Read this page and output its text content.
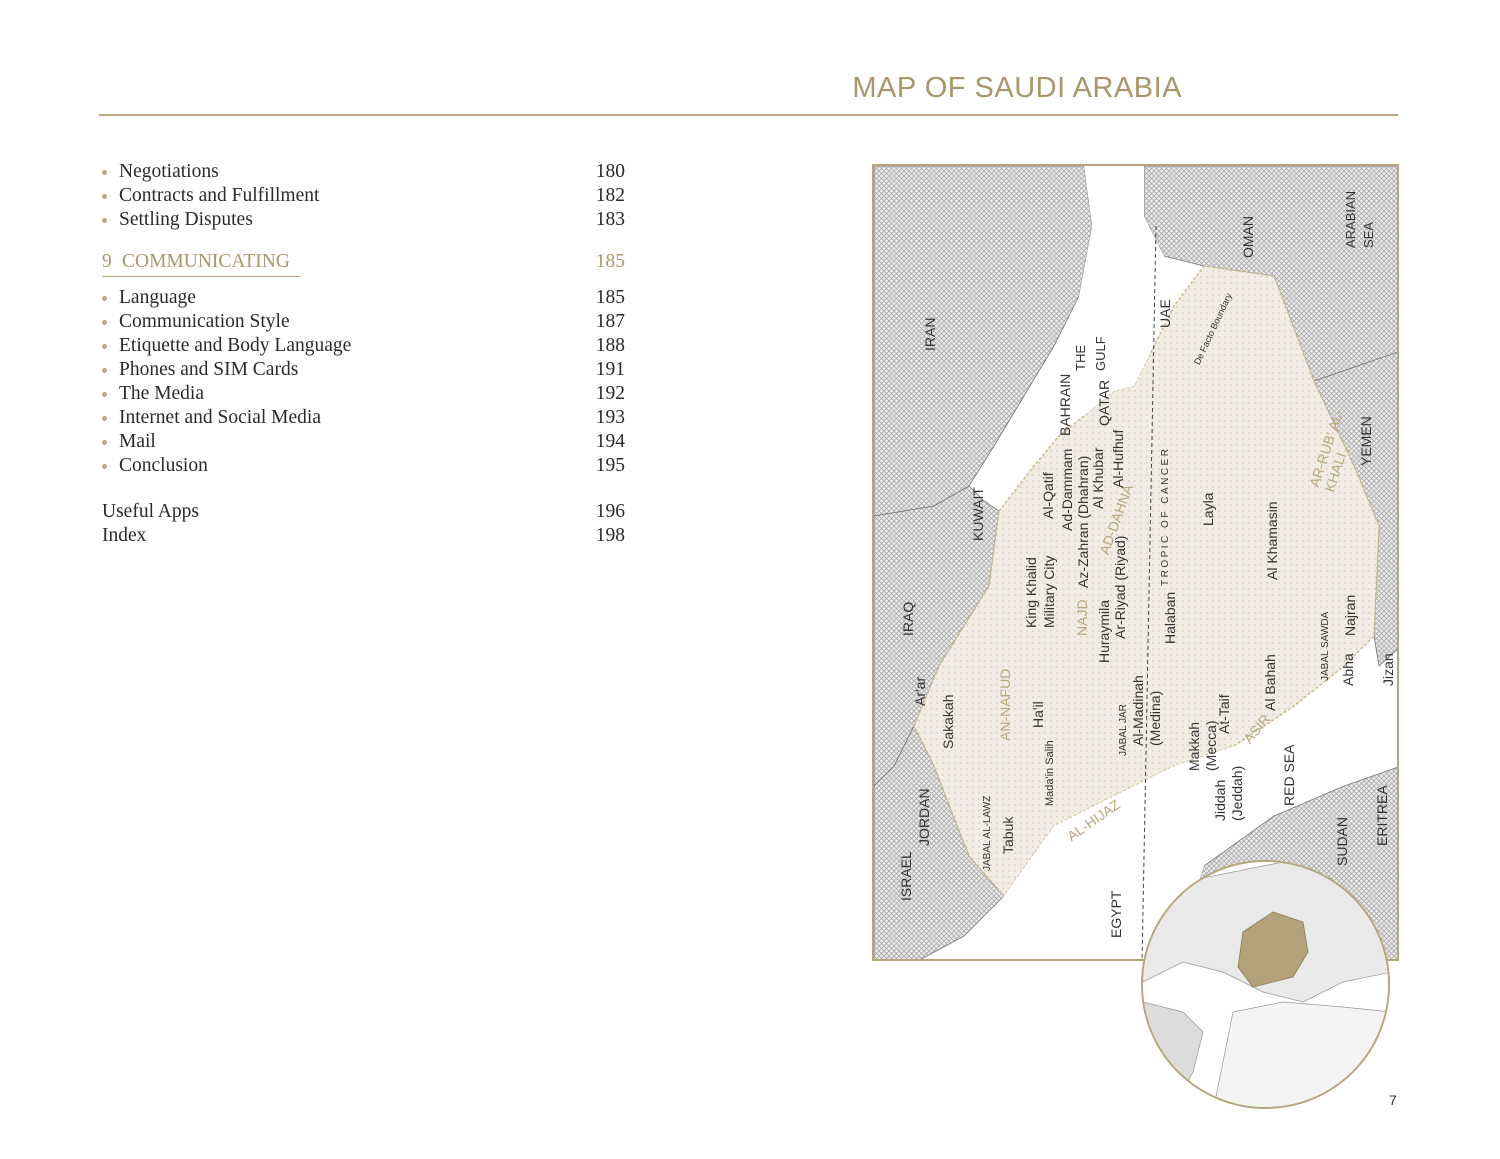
MAP OF SAUDI ARABIA
Negotiations	180
Contracts and Fulfillment	182
Settling Disputes	183
9 COMMUNICATING	185
Language	185
Communication Style	187
Etiquette and Body Language	188
Phones and SIM Cards	191
The Media	192
Internet and Social Media	193
Mail	194
Conclusion	195
Useful Apps	196
Index	198
IRAN
IRAQ
KUWAIT
BAHRAIN QATAR
UAE
OMAN
YEMEN
JORDAN
ISRAEL
EGYPT
SUDAN ERITREA
THE GULF
ARABIAN SEA
RED SEA
AN-NAFUD
NAJD
AD-DAHNA
AR-RUB' AL-KHALI
AL-HIJAZ
ASIR
JABAL AL-LAWZ
JABAL JAR
JABAL SAWDA
Ar'ar
Sakakah
Tabuk
Ha'il
Mada'in Salih
King Khalid Military City
Al-Qatif Ad-Dammam Az-Zahran (Dhahran) Al Khubar Al-Hufhuf
Ar-Riyad (Riyad)
Huraymila
Al-Madinah (Medina)
Makkah (Mecca)
Jiddah (Jeddah)
At-Taif
Al Bahah	Abha
Najran
Jizan
Layla
Halaban
Al Khamasin
TROPIC OF CANCER
De Facto Boundary
7
